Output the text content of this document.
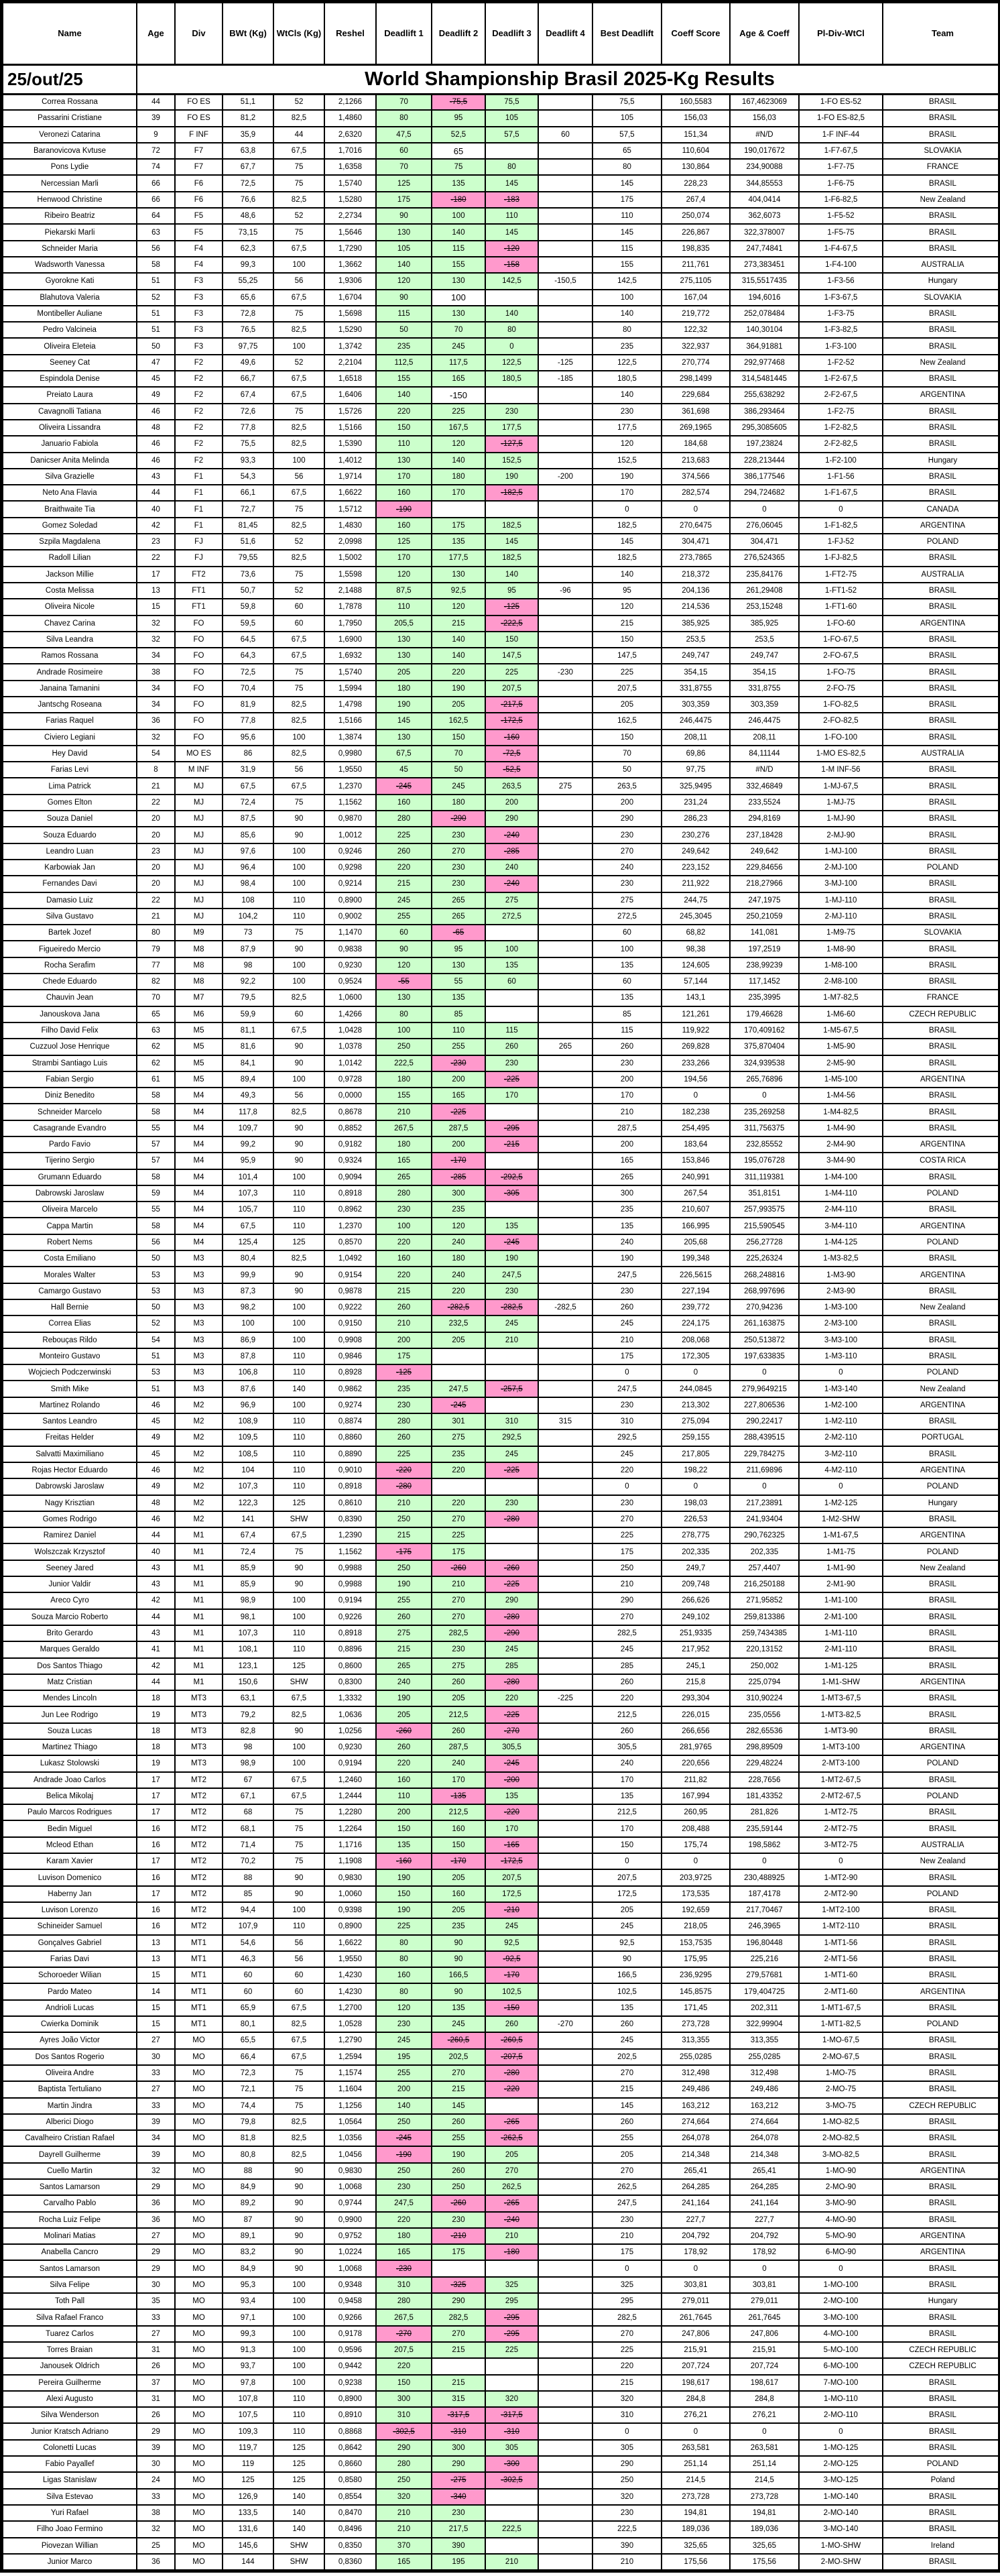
25/out/25	World Shampionship Brasil 2025-Kg Results													
Name	Age	Div	BWt (Kg)	WtCls (Kg)	Reshel	Deadlift 1	Deadlift 2	Deadlift 3	Deadlift 4	Best Deadlift	Coeff Score	Age & Coeff	Pl-Div-WtCl	Team
Correa Rossana	44	FO ES	51,1	52	2,1266	70	-75,5	75,5		75,5	160,5583	167,4623069	1-FO ES-52	BRASIL
Passarini Cristiane	39	FO ES	81,2	82,5	1,4860	80	95	105		105	156,03	156,03	1-FO ES-82,5	BRASIL
Veronezi Catarina	9	F INF	35,9	44	2,6320	47,5	52,5	57,5	60	57,5	151,34	#N/D	1-F INF-44	BRASIL
Baranovicova Kvtuse	72	F7	63,8	67,5	1,7016	60	65			65	110,604	190,017672	1-F7-67,5	SLOVAKIA
Pons Lydie	74	F7	67,7	75	1,6358	70	75	80		80	130,864	234,90088	1-F7-75	FRANCE
Nercessian Marli	66	F6	72,5	75	1,5740	125	135	145		145	228,23	344,85553	1-F6-75	BRASIL
Henwood Christine	66	F6	76,6	82,5	1,5280	175	-180	-183		175	267,4	404,0414	1-F6-82,5	New Zealand
Ribeiro Beatriz	64	F5	48,6	52	2,2734	90	100	110		110	250,074	362,6073	1-F5-52	BRASIL
Piekarski Marli	63	F5	73,15	75	1,5646	130	140	145		145	226,867	322,378007	1-F5-75	BRASIL
Schneider Maria	56	F4	62,3	67,5	1,7290	105	115	-120		115	198,835	247,74841	1-F4-67,5	BRASIL
Wadsworth Vanessa	58	F4	99,3	100	1,3662	140	155	-158		155	211,761	273,383451	1-F4-100	AUSTRALIA
Gyorokne Kati	51	F3	55,25	56	1,9306	120	130	142,5	-150,5	142,5	275,1105	315,5517435	1-F3-56	Hungary
Blahutova Valeria	52	F3	65,6	67,5	1,6704	90	100			100	167,04	194,6016	1-F3-67,5	SLOVAKIA
Montibeller Auliane	51	F3	72,8	75	1,5698	115	130	140		140	219,772	252,078484	1-F3-75	BRASIL
Pedro Valcineia	51	F3	76,5	82,5	1,5290	50	70	80		80	122,32	140,30104	1-F3-82,5	BRASIL
Oliveira Eleteia	50	F3	97,75	100	1,3742	235	245	0		235	322,937	364,91881	1-F3-100	BRASIL
Seeney Cat	47	F2	49,6	52	2,2104	112,5	117,5	122,5	-125	122,5	270,774	292,977468	1-F2-52	New Zealand
Espindola Denise	45	F2	66,7	67,5	1,6518	155	165	180,5	-185	180,5	298,1499	314,5481445	1-F2-67,5	BRASIL
Preiato Laura	49	F2	67,4	67,5	1,6406	140	-150			140	229,684	255,638292	2-F2-67,5	ARGENTINA
Cavagnolli Tatiana	46	F2	72,6	75	1,5726	220	225	230		230	361,698	386,293464	1-F2-75	BRASIL
Oliveira Lissandra	48	F2	77,8	82,5	1,5166	150	167,5	177,5		177,5	269,1965	295,3085605	1-F2-82,5	BRASIL
Januario Fabiola	46	F2	75,5	82,5	1,5390	110	120	-127,5		120	184,68	197,23824	2-F2-82,5	BRASIL
Danicser Anita Melinda	46	F2	93,3	100	1,4012	130	140	152,5		152,5	213,683	228,213444	1-F2-100	Hungary
Silva Grazielle	43	F1	54,3	56	1,9714	170	180	190	-200	190	374,566	386,177546	1-F1-56	BRASIL
Neto Ana Flavia	44	F1	66,1	67,5	1,6622	160	170	-182,5		170	282,574	294,724682	1-F1-67,5	BRASIL
Braithwaite Tia	40	F1	72,7	75	1,5712	-190				0	0	0	0	CANADA
Gomez Soledad	42	F1	81,45	82,5	1,4830	160	175	182,5		182,5	270,6475	276,06045	1-F1-82,5	ARGENTINA
Szpila Magdalena	23	FJ	51,6	52	2,0998	125	135	145		145	304,471	304,471	1-FJ-52	POLAND
Radoll Lilian	22	FJ	79,55	82,5	1,5002	170	177,5	182,5		182,5	273,7865	276,524365	1-FJ-82,5	BRASIL
Jackson Millie	17	FT2	73,6	75	1,5598	120	130	140		140	218,372	235,84176	1-FT2-75	AUSTRALIA
Costa Melissa	13	FT1	50,7	52	2,1488	87,5	92,5	95	-96	95	204,136	261,29408	1-FT1-52	BRASIL
Oliveira Nicole	15	FT1	59,8	60	1,7878	110	120	-125		120	214,536	253,15248	1-FT1-60	BRASIL
Chavez Carina	32	FO	59,5	60	1,7950	205,5	215	-222,5		215	385,925	385,925	1-FO-60	ARGENTINA
Silva Leandra	32	FO	64,5	67,5	1,6900	130	140	150		150	253,5	253,5	1-FO-67,5	BRASIL
Ramos Rossana	34	FO	64,3	67,5	1,6932	130	140	147,5		147,5	249,747	249,747	2-FO-67,5	BRASIL
Andrade Rosimeire	38	FO	72,5	75	1,5740	205	220	225	-230	225	354,15	354,15	1-FO-75	BRASIL
Janaina Tamanini	34	FO	70,4	75	1,5994	180	190	207,5		207,5	331,8755	331,8755	2-FO-75	BRASIL
Jantschg Roseana	34	FO	81,9	82,5	1,4798	190	205	-217,5		205	303,359	303,359	1-FO-82,5	BRASIL
Farias Raquel	36	FO	77,8	82,5	1,5166	145	162,5	-172,5		162,5	246,4475	246,4475	2-FO-82,5	BRASIL
Civiero Legiani	32	FO	95,6	100	1,3874	130	150	-160		150	208,11	208,11	1-FO-100	BRASIL
Hey David	54	MO ES	86	82,5	0,9980	67,5	70	-72,5		70	69,86	84,11144	1-MO ES-82,5	AUSTRALIA
Farias Levi	8	M INF	31,9	56	1,9550	45	50	-52,5		50	97,75	#N/D	1-M INF-56	BRASIL
Lima Patrick	21	MJ	67,5	67,5	1,2370	-245	245	263,5	275	263,5	325,9495	332,46849	1-MJ-67,5	BRASIL
Gomes Elton	22	MJ	72,4	75	1,1562	160	180	200		200	231,24	233,5524	1-MJ-75	BRASIL
Souza Daniel	20	MJ	87,5	90	0,9870	280	-290	290		290	286,23	294,8169	1-MJ-90	BRASIL
Souza Eduardo	20	MJ	85,6	90	1,0012	225	230	-240		230	230,276	237,18428	2-MJ-90	BRASIL
Leandro Luan	23	MJ	97,6	100	0,9246	260	270	-285		270	249,642	249,642	1-MJ-100	BRASIL
Karbowiak Jan	20	MJ	96,4	100	0,9298	220	230	240		240	223,152	229,84656	2-MJ-100	POLAND
Fernandes Davi	20	MJ	98,4	100	0,9214	215	230	-240		230	211,922	218,27966	3-MJ-100	BRASIL
Damasio Luiz	22	MJ	108	110	0,8900	245	265	275		275	244,75	247,1975	1-MJ-110	BRASIL
Silva Gustavo	21	MJ	104,2	110	0,9002	255	265	272,5		272,5	245,3045	250,21059	2-MJ-110	BRASIL
Bartek Jozef	80	M9	73	75	1,1470	60	-65			60	68,82	141,081	1-M9-75	SLOVAKIA
Figueiredo Mercio	79	M8	87,9	90	0,9838	90	95	100		100	98,38	197,2519	1-M8-90	BRASIL
Rocha Serafim	77	M8	98	100	0,9230	120	130	135		135	124,605	238,99239	1-M8-100	BRASIL
Chede Eduardo	82	M8	92,2	100	0,9524	-55	55	60		60	57,144	117,1452	2-M8-100	BRASIL
Chauvin Jean	70	M7	79,5	82,5	1,0600	130	135			135	143,1	235,3995	1-M7-82,5	FRANCE
Janouskova Jana	65	M6	59,9	60	1,4266	80	85			85	121,261	179,46628	1-M6-60	CZECH REPUBLIC
Filho David Felix	63	M5	81,1	67,5	1,0428	100	110	115		115	119,922	170,409162	1-M5-67,5	BRASIL
Cuzzuol Jose Henrique	62	M5	81,6	90	1,0378	250	255	260	265	260	269,828	375,870404	1-M5-90	BRASIL
Strambi Santiago Luis	62	M5	84,1	90	1,0142	222,5	-230	230		230	233,266	324,939538	2-M5-90	BRASIL
Fabian Sergio	61	M5	89,4	100	0,9728	180	200	-225		200	194,56	265,76896	1-M5-100	ARGENTINA
Diniz Benedito	58	M4	49,3	56	0,0000	155	165	170		170	0	0	1-M4-56	BRASIL
Schneider Marcelo	58	M4	117,8	82,5	0,8678	210	-225			210	182,238	235,269258	1-M4-82,5	BRASIL
Casagrande Evandro	55	M4	109,7	90	0,8852	267,5	287,5	-295		287,5	254,495	311,756375	1-M4-90	BRASIL
Pardo Favio	57	M4	99,2	90	0,9182	180	200	-215		200	183,64	232,85552	2-M4-90	ARGENTINA
Tijerino Sergio	57	M4	95,9	90	0,9324	165	-170			165	153,846	195,076728	3-M4-90	COSTA RICA
Grumann Eduardo	58	M4	101,4	100	0,9094	265	-285	-292,5		265	240,991	311,119381	1-M4-100	BRASIL
Dabrowski Jaroslaw	59	M4	107,3	110	0,8918	280	300	-305		300	267,54	351,8151	1-M4-110	POLAND
Oliveira Marcelo	55	M4	105,7	110	0,8962	230	235			235	210,607	257,993575	2-M4-110	BRASIL
Cappa Martin	58	M4	67,5	110	1,2370	100	120	135		135	166,995	215,590545	3-M4-110	ARGENTINA
Robert Nems	56	M4	125,4	125	0,8570	220	240	-245		240	205,68	256,27728	1-M4-125	POLAND
Costa Emiliano	50	M3	80,4	82,5	1,0492	160	180	190		190	199,348	225,26324	1-M3-82,5	BRASIL
Morales Walter	53	M3	99,9	90	0,9154	220	240	247,5		247,5	226,5615	268,248816	1-M3-90	ARGENTINA
Camargo Gustavo	53	M3	87,3	90	0,9878	215	220	230		230	227,194	268,997696	2-M3-90	BRASIL
Hall Bernie	50	M3	98,2	100	0,9222	260	-282,5	-282,5	-282,5	260	239,772	270,94236	1-M3-100	New Zealand
Correa Elias	52	M3	100	100	0,9150	210	232,5	245		245	224,175	261,163875	2-M3-100	BRASIL
Rebouças Rildo	54	M3	86,9	100	0,9908	200	205	210		210	208,068	250,513872	3-M3-100	BRASIL
Monteiro Gustavo	51	M3	87,8	110	0,9846	175				175	172,305	197,633835	1-M3-110	BRASIL
Wojciech Podczerwinski	53	M3	106,8	110	0,8928	-125				0	0	0	0	POLAND
Smith Mike	51	M3	87,6	140	0,9862	235	247,5	-257,5		247,5	244,0845	279,9649215	1-M3-140	New Zealand
Martinez Rolando	46	M2	96,9	100	0,9274	230	-245			230	213,302	227,806536	1-M2-100	ARGENTINA
Santos Leandro	45	M2	108,9	110	0,8874	280	301	310	315	310	275,094	290,22417	1-M2-110	BRASIL
Freitas Helder	49	M2	109,5	110	0,8860	260	275	292,5		292,5	259,155	288,439515	2-M2-110	PORTUGAL
Salvatti Maximiliano	45	M2	108,5	110	0,8890	225	235	245		245	217,805	229,784275	3-M2-110	BRASIL
Rojas Hector Eduardo	46	M2	104	110	0,9010	-220	220	-225		220	198,22	211,69896	4-M2-110	ARGENTINA
Dabrowski Jaroslaw	49	M2	107,3	110	0,8918	-280				0	0	0	0	POLAND
Nagy Krisztian	48	M2	122,3	125	0,8610	210	220	230		230	198,03	217,23891	1-M2-125	Hungary
Gomes Rodrigo	46	M2	141	SHW	0,8390	250	270	-280		270	226,53	241,93404	1-M2-SHW	BRASIL
Ramirez Daniel	44	M1	67,4	67,5	1,2390	215	225			225	278,775	290,762325	1-M1-67,5	ARGENTINA
Wolszczak Krzysztof	40	M1	72,4	75	1,1562	-175	175			175	202,335	202,335	1-M1-75	POLAND
Seeney Jared	43	M1	85,9	90	0,9988	250	-260	-260		250	249,7	257,4407	1-M1-90	New Zealand
Junior Valdir	43	M1	85,9	90	0,9988	190	210	-225		210	209,748	216,250188	2-M1-90	BRASIL
Areco Cyro	42	M1	98,9	100	0,9194	255	270	290		290	266,626	271,95852	1-M1-100	BRASIL
Souza Marcio Roberto	44	M1	98,1	100	0,9226	260	270	-280		270	249,102	259,813386	2-M1-100	BRASIL
Brito Gerardo	43	M1	107,3	110	0,8918	275	282,5	-290		282,5	251,9335	259,7434385	1-M1-110	BRASIL
Marques Geraldo	41	M1	108,1	110	0,8896	215	230	245		245	217,952	220,13152	2-M1-110	BRASIL
Dos Santos Thiago	42	M1	123,1	125	0,8600	265	275	285		285	245,1	250,002	1-M1-125	BRASIL
Matz Cristian	44	M1	150,6	SHW	0,8300	240	260	-280		260	215,8	225,0794	1-M1-SHW	ARGENTINA
Mendes Lincoln	18	MT3	63,1	67,5	1,3332	190	205	220	-225	220	293,304	310,90224	1-MT3-67,5	BRASIL
Jun Lee Rodrigo	19	MT3	79,2	82,5	1,0636	205	212,5	-225		212,5	226,015	235,0556	1-MT3-82,5	BRASIL
Souza Lucas	18	MT3	82,8	90	1,0256	-260	260	-270		260	266,656	282,65536	1-MT3-90	BRASIL
Martinez Thiago	18	MT3	98	100	0,9230	260	287,5	305,5		305,5	281,9765	298,89509	1-MT3-100	ARGENTINA
Lukasz Stolowski	19	MT3	98,9	100	0,9194	220	240	-245		240	220,656	229,48224	2-MT3-100	POLAND
Andrade Joao Carlos	17	MT2	67	67,5	1,2460	160	170	-200		170	211,82	228,7656	1-MT2-67,5	BRASIL
Belica Mikolaj	17	MT2	67,1	67,5	1,2444	110	-135	135		135	167,994	181,43352	2-MT2-67,5	POLAND
Paulo Marcos Rodrigues	17	MT2	68	75	1,2280	200	212,5	-220		212,5	260,95	281,826	1-MT2-75	BRASIL
Bedin Miguel	16	MT2	68,1	75	1,2264	150	160	170		170	208,488	235,59144	2-MT2-75	BRASIL
Mcleod Ethan	16	MT2	71,4	75	1,1716	135	150	-165		150	175,74	198,5862	3-MT2-75	AUSTRALIA
Karam Xavier	17	MT2	70,2	75	1,1908	-160	-170	-172,5		0	0	0	0	New Zealand
Luvison Domenico	16	MT2	88	90	0,9830	190	205	207,5		207,5	203,9725	230,488925	1-MT2-90	BRASIL
Haberny Jan	17	MT2	85	90	1,0060	150	160	172,5		172,5	173,535	187,4178	2-MT2-90	POLAND
Luvison Lorenzo	16	MT2	94,4	100	0,9398	190	205	-210		205	192,659	217,70467	1-MT2-100	BRASIL
Schineider Samuel	16	MT2	107,9	110	0,8900	225	235	245		245	218,05	246,3965	1-MT2-110	BRASIL
Gonçalves Gabriel	13	MT1	54,6	56	1,6622	80	90	92,5		92,5	153,7535	196,80448	1-MT1-56	BRASIL
Farias Davi	13	MT1	46,3	56	1,9550	80	90	-92,5		90	175,95	225,216	2-MT1-56	BRASIL
Schoroeder Wilian	15	MT1	60	60	1,4230	160	166,5	-170		166,5	236,9295	279,57681	1-MT1-60	BRASIL
Pardo Mateo	14	MT1	60	60	1,4230	80	90	102,5		102,5	145,8575	179,404725	2-MT1-60	ARGENTINA
Andrioli Lucas	15	MT1	65,9	67,5	1,2700	120	135	-150		135	171,45	202,311	1-MT1-67,5	BRASIL
Cwierka Dominik	15	MT1	80,1	82,5	1,0528	230	245	260	-270	260	273,728	322,99904	1-MT1-82,5	POLAND
Ayres João Victor	27	MO	65,5	67,5	1,2790	245	-260,5	-260,5		245	313,355	313,355	1-MO-67,5	BRASIL
Dos Santos Rogerio	30	MO	66,4	67,5	1,2594	195	202,5	-207,5		202,5	255,0285	255,0285	2-MO-67,5	BRASIL
Oliveira Andre	33	MO	72,3	75	1,1574	255	270	-280		270	312,498	312,498	1-MO-75	BRASIL
Baptista Tertuliano	27	MO	72,1	75	1,1604	200	215	-220		215	249,486	249,486	2-MO-75	BRASIL
Martin Jindra	33	MO	74,4	75	1,1256	140	145			145	163,212	163,212	3-MO-75	CZECH REPUBLIC
Alberici Diogo	39	MO	79,8	82,5	1,0564	250	260	-265		260	274,664	274,664	1-MO-82,5	BRASIL
Cavalheiro Cristian Rafael	34	MO	81,8	82,5	1,0356	-245	255	-262,5		255	264,078	264,078	2-MO-82,5	BRASIL
Dayrell Guilherme	39	MO	80,8	82,5	1,0456	-190	190	205		205	214,348	214,348	3-MO-82,5	BRASIL
Cuello Martin	32	MO	88	90	0,9830	250	260	270		270	265,41	265,41	1-MO-90	ARGENTINA
Santos Lamarson	29	MO	84,9	90	1,0068	230	250	262,5		262,5	264,285	264,285	2-MO-90	BRASIL
Carvalho Pablo	36	MO	89,2	90	0,9744	247,5	-260	-265		247,5	241,164	241,164	3-MO-90	BRASIL
Rocha Luiz Felipe	36	MO	87	90	0,9900	220	230	-240		230	227,7	227,7	4-MO-90	BRASIL
Molinari Matias	27	MO	89,1	90	0,9752	180	-210	210		210	204,792	204,792	5-MO-90	ARGENTINA
Anabella Cancro	29	MO	83,2	90	1,0224	165	175	-180		175	178,92	178,92	6-MO-90	ARGENTINA
Santos Lamarson	29	MO	84,9	90	1,0068	-230				0	0	0	0	BRASIL
Silva Felipe	30	MO	95,3	100	0,9348	310	-325	325		325	303,81	303,81	1-MO-100	BRASIL
Toth Pall	35	MO	93,4	100	0,9458	280	290	295		295	279,011	279,011	2-MO-100	Hungary
Silva Rafael Franco	33	MO	97,1	100	0,9266	267,5	282,5	-295		282,5	261,7645	261,7645	3-MO-100	BRASIL
Tuarez Carlos	27	MO	99,3	100	0,9178	-270	270	-295		270	247,806	247,806	4-MO-100	BRASIL
Torres Braian	31	MO	91,3	100	0,9596	207,5	215	225		225	215,91	215,91	5-MO-100	CZECH REPUBLIC
Janousek Oldrich	26	MO	93,7	100	0,9442	220				220	207,724	207,724	6-MO-100	CZECH REPUBLIC
Pereira Guilherme	37	MO	97,8	100	0,9238	150	215			215	198,617	198,617	7-MO-100	BRASIL
Alexi Augusto	31	MO	107,8	110	0,8900	300	315	320		320	284,8	284,8	1-MO-110	BRASIL
Silva Wenderson	26	MO	107,5	110	0,8910	310	-317,5	-317,5		310	276,21	276,21	2-MO-110	BRASIL
Junior Kratsch Adriano	29	MO	109,3	110	0,8868	-302,5	-310	-310		0	0	0	0	BRASIL
Colonetti Lucas	39	MO	119,7	125	0,8642	290	300	305		305	263,581	263,581	1-MO-125	BRASIL
Fabio Payallef	30	MO	119	125	0,8660	280	290	-300		290	251,14	251,14	2-MO-125	POLAND
Ligas Stanislaw	24	MO	125	125	0,8580	250	-275	-302,5		250	214,5	214,5	3-MO-125	Poland
Silva Estevao	33	MO	126,9	140	0,8554	320	-340			320	273,728	273,728	1-MO-140	BRASIL
Yuri Rafael	38	MO	133,5	140	0,8470	210	230			230	194,81	194,81	2-MO-140	BRASIL
Filho Joao Fermino	32	MO	131,6	140	0,8496	210	217,5	222,5		222,5	189,036	189,036	3-MO-140	BRASIL
Piovezan Willian	25	MO	145,6	SHW	0,8350	370	390			390	325,65	325,65	1-MO-SHW	Ireland
Junior Marco	36	MO	144	SHW	0,8360	165	195	210		210	175,56	175,56	2-MO-SHW	BRASIL
